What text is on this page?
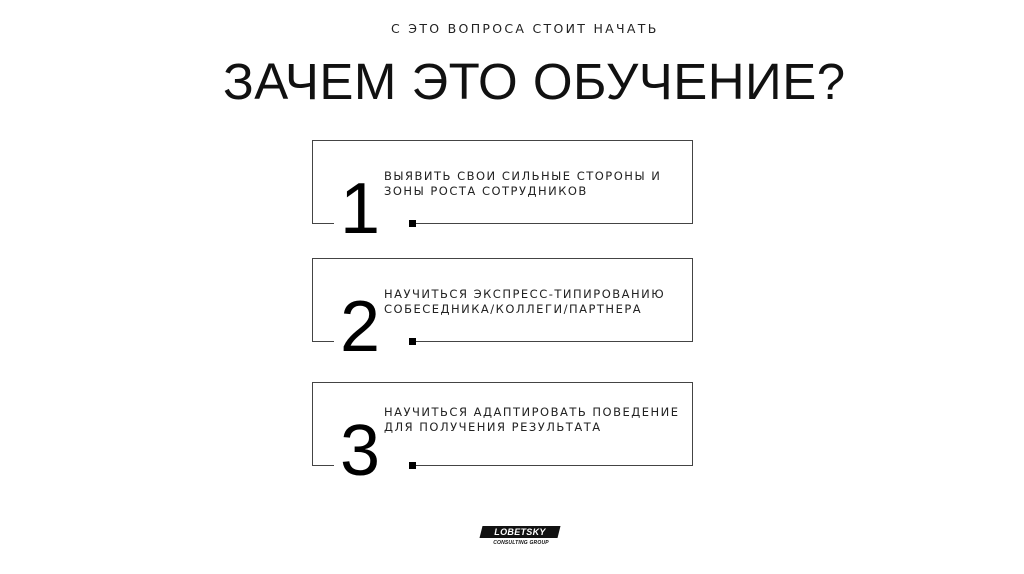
С ЭТО ВОПРОСА СТОИТ НАЧАТЬ
ЗАЧЕМ ЭТО ОБУЧЕНИЕ?
1 ВЫЯВИТЬ СВОИ СИЛЬНЫЕ СТОРОНЫ И ЗОНЫ РОСТА СОТРУДНИКОВ
2 НАУЧИТЬСЯ ЭКСПРЕСС-ТИПИРОВАНИЮ СОБЕСЕДНИКА/КОЛЛЕГИ/ПАРТНЕРА
3 НАУЧИТЬСЯ АДАПТИРОВАТЬ ПОВЕДЕНИЕ ДЛЯ ПОЛУЧЕНИЯ РЕЗУЛЬТАТА
LOBETSKY
CONSULTING GROUP
